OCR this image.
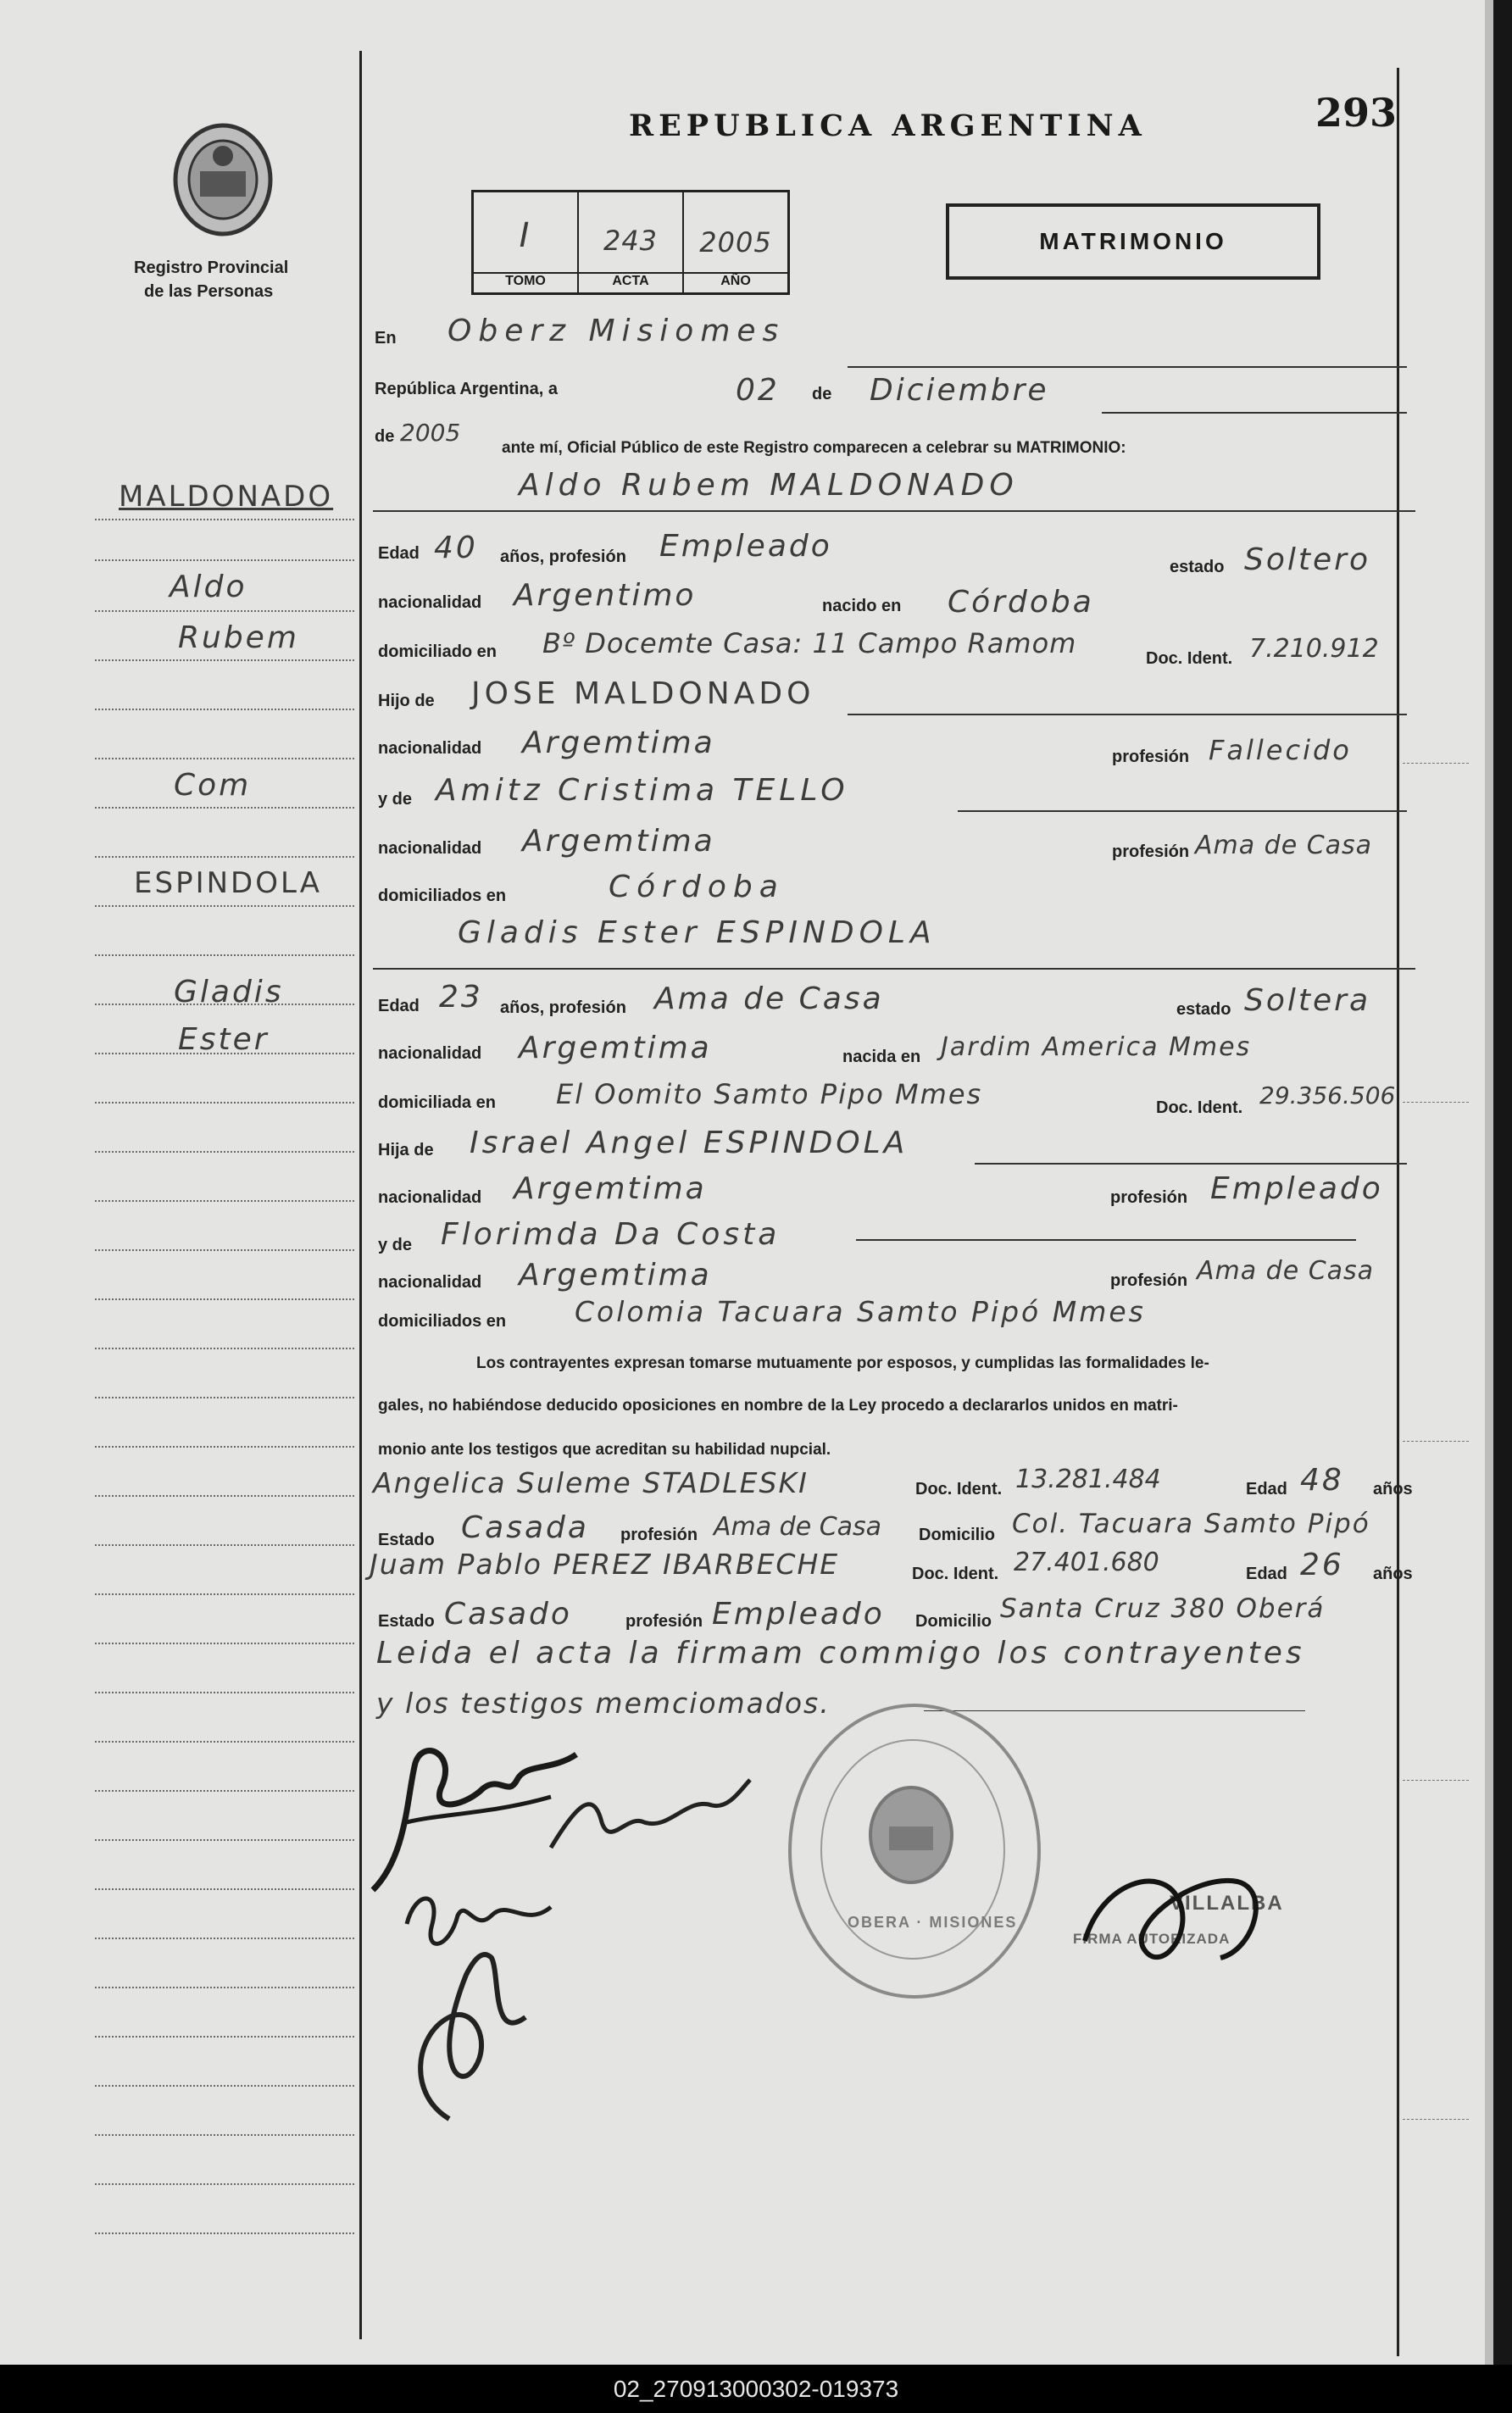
Registro Provincial
de las Personas
REPUBLICA ARGENTINA	293
I
TOMO
243
ACTA
2005
AÑO
MATRIMONIO
MALDONADO
Aldo
Rubem
Com
ESPINDOLA
Gladis
Ester
En Oberz Misiomes
República Argentina, a	02 de Diciembre
de 2005
ante mí, Oficial Público de este Registro comparecen a celebrar su MATRIMONIO:
Aldo Rubem MALDONADO
Edad 40 años, profesión Empleado
estado Soltero
nacionalidad Argentimo	nacido en Córdoba
domiciliado en Bº Docemte Casa: 11 Campo Ramom	Doc. Ident. 7.210.912
Hijo de JOSE MALDONADO
nacionalidad Argemtima	profesión Fallecido
y de Amitz Cristima TELLO
nacionalidad Argemtima	profesión Ama de Casa
domiciliados en	Córdoba
Gladis Ester ESPINDOLA
Edad 23 años, profesión Ama de Casa	estado Soltera
nacionalidad Argemtima	nacida en Jardim America Mmes
domiciliada en El Oomito Samto Pipo Mmes	Doc. Ident. 29.356.506
Hija de Israel Angel ESPINDOLA
nacionalidad Argemtima	profesión Empleado
y de Florimda Da Costa
nacionalidad Argemtima	profesión Ama de Casa
domiciliados en Colomia Tacuara Samto Pipó Mmes
Los contrayentes expresan tomarse mutuamente por esposos, y cumplidas las formalidades le-
gales, no habiéndose deducido oposiciones en nombre de la Ley procedo a declararlos unidos en matri-
monio ante los testigos que acreditan su habilidad nupcial.
Angelica Suleme STADLESKI	Doc. Ident. 13.281.484	Edad 48 años
Estado Casada profesión Ama de Casa Domicilio Col. Tacuara Samto Pipó
Juam Pablo PEREZ IBARBECHE	Doc. Ident. 27.401.680	Edad 26 años
Estado Casado	profesión Empleado Domicilio Santa Cruz 380 Oberá
Leida el acta la firmam commigo los contrayentes
y los testigos memciomados.
OBERA · MISIONES
VILLALBA
FIRMA AUTORIZADA
02_270913000302-019373
